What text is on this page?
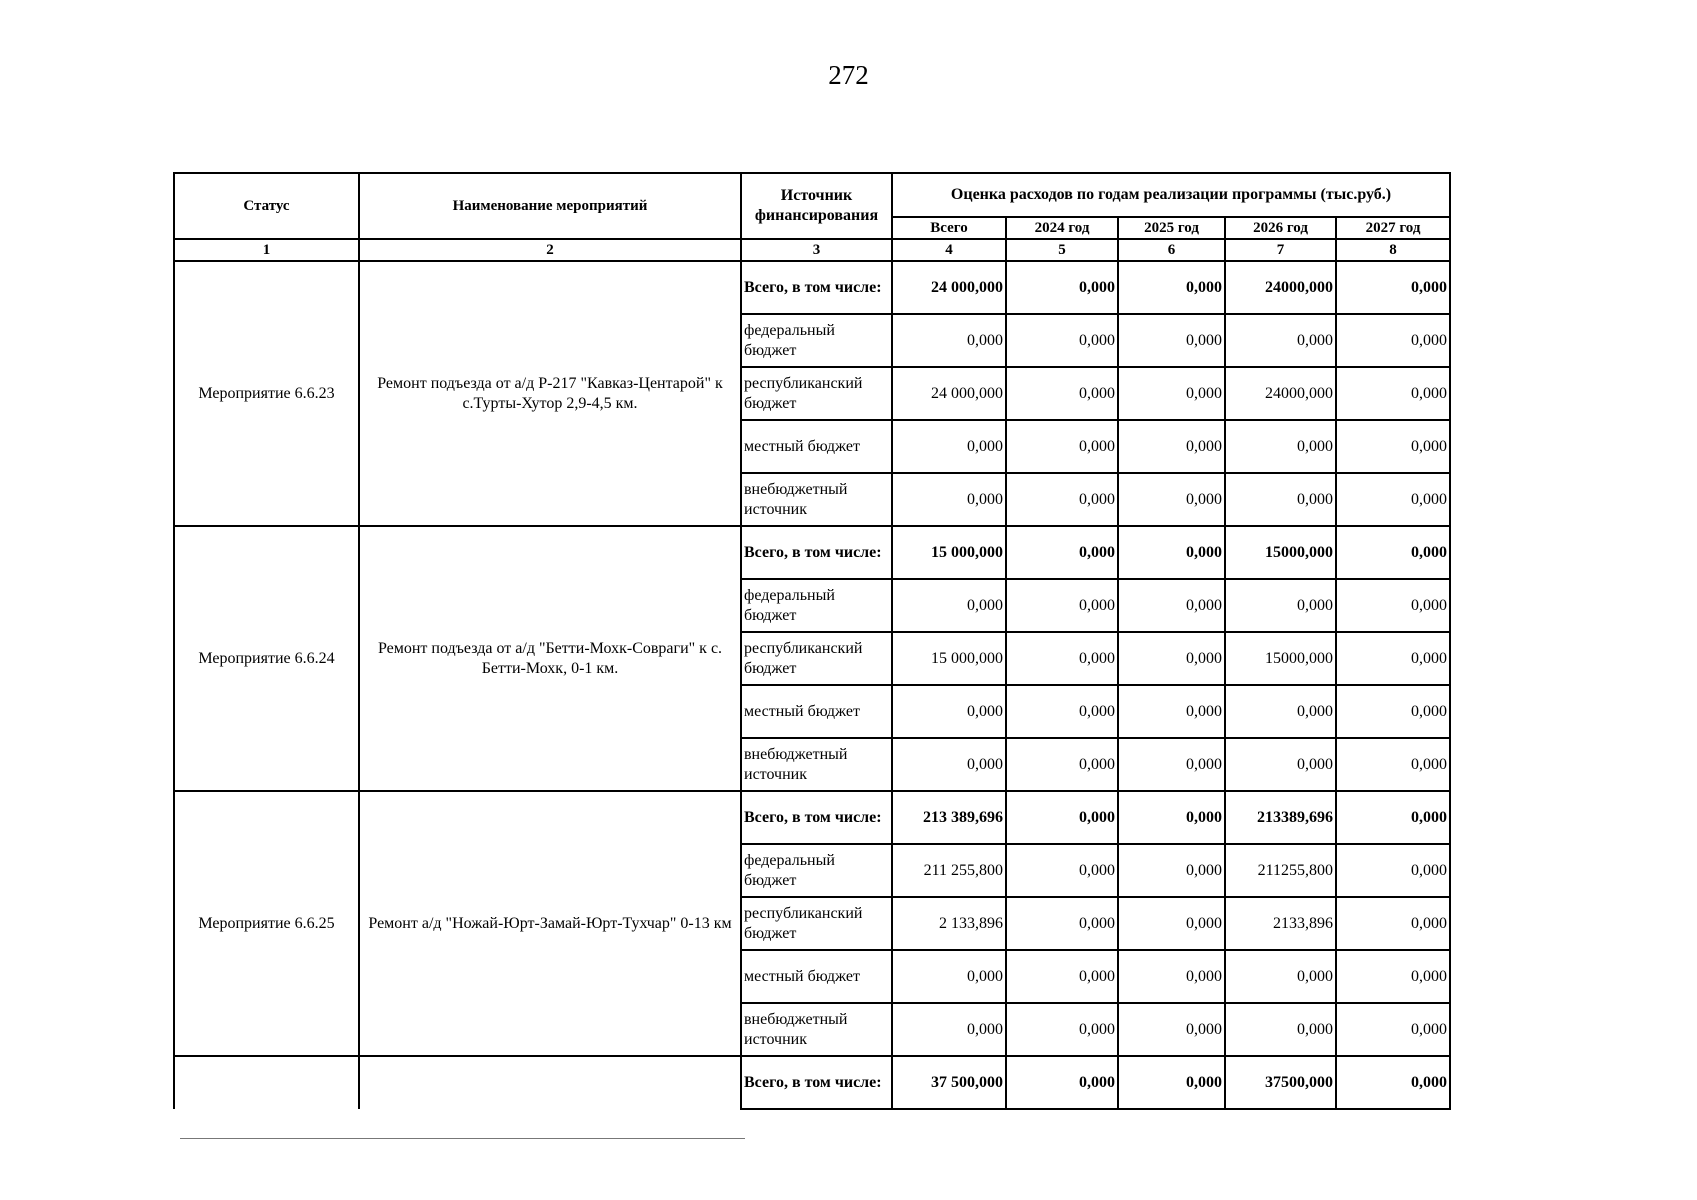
272
Статус	Наименование мероприятий	Источник финансирования	Оценка расходов по годам реализации программы (тыс.руб.)				
			Всего	2024 год	2025 год	2026 год	2027 год
1	2	3	4	5	6	7	8
Мероприятие 6.6.23	Ремонт подъезда от а/д Р-217 "Кавказ-Центарой" к с.Турты-Хутор 2,9-4,5 км.	Всего, в том числе:	24 000,000	0,000	0,000	24000,000	0,000
		федеральный бюджет	0,000	0,000	0,000	0,000	0,000
		республиканский бюджет	24 000,000	0,000	0,000	24000,000	0,000
		местный бюджет	0,000	0,000	0,000	0,000	0,000
		внебюджетный источник	0,000	0,000	0,000	0,000	0,000
Мероприятие 6.6.24	Ремонт подъезда от а/д "Бетти-Мохк-Совраги" к с. Бетти-Мохк, 0-1 км.	Всего, в том числе:	15 000,000	0,000	0,000	15000,000	0,000
		федеральный бюджет	0,000	0,000	0,000	0,000	0,000
		республиканский бюджет	15 000,000	0,000	0,000	15000,000	0,000
		местный бюджет	0,000	0,000	0,000	0,000	0,000
		внебюджетный источник	0,000	0,000	0,000	0,000	0,000
Мероприятие 6.6.25	Ремонт а/д "Ножай-Юрт-Замай-Юрт-Тухчар" 0-13 км	Всего, в том числе:	213 389,696	0,000	0,000	213389,696	0,000
		федеральный бюджет	211 255,800	0,000	0,000	211255,800	0,000
		республиканский бюджет	2 133,896	0,000	0,000	2133,896	0,000
		местный бюджет	0,000	0,000	0,000	0,000	0,000
		внебюджетный источник	0,000	0,000	0,000	0,000	0,000
		Всего, в том числе:	37 500,000	0,000	0,000	37500,000	0,000
